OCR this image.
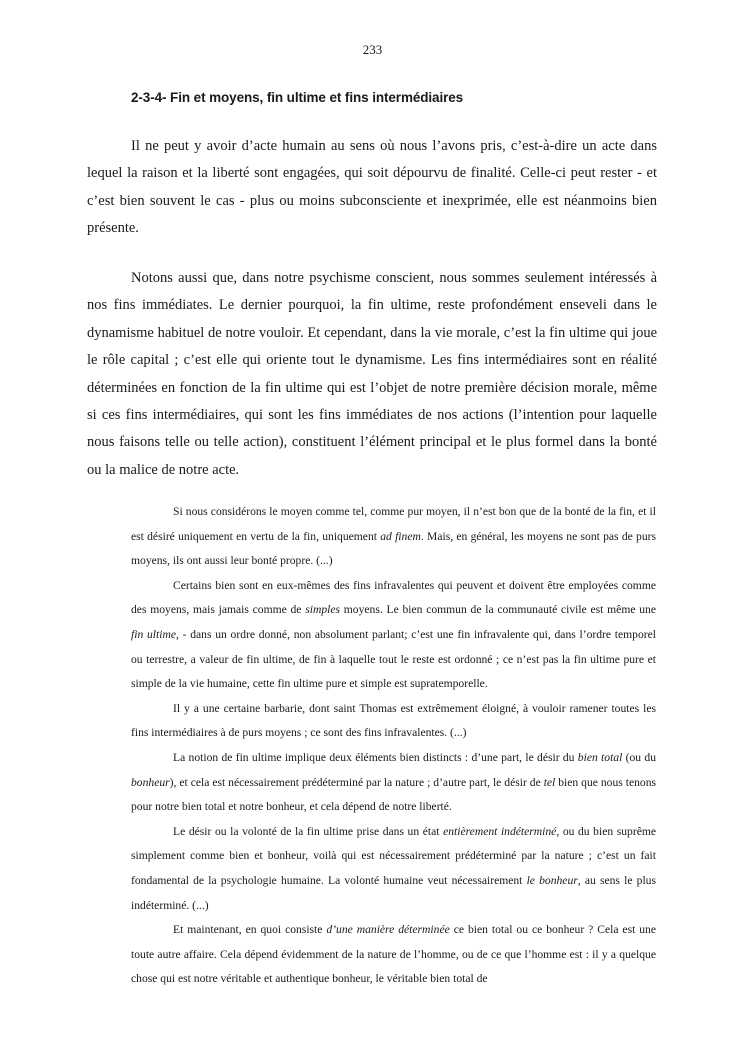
233
2-3-4- Fin et moyens, fin ultime et fins intermédiaires

Il ne peut y avoir d’acte humain au sens où nous l’avons pris, c’est-à-dire un acte dans lequel la raison et la liberté sont engagées, qui soit dépourvu de finalité. Celle-ci peut rester - et c’est bien souvent le cas - plus ou moins subconsciente et inexprimée, elle est néanmoins bien présente.

Notons aussi que, dans notre psychisme conscient, nous sommes seulement intéressés à nos fins immédiates. Le dernier pourquoi, la fin ultime, reste profondément enseveli dans le dynamisme habituel de notre vouloir. Et cependant, dans la vie morale, c’est la fin ultime qui joue le rôle capital ; c’est elle qui oriente tout le dynamisme. Les fins intermédiaires sont en réalité déterminées en fonction de la fin ultime qui est l’objet de notre première décision morale, même si ces fins intermédiaires, qui sont les fins immédiates de nos actions (l’intention pour laquelle nous faisons telle ou telle action), constituent l’élément principal et le plus formel dans la bonté ou la malice de notre acte.

Si nous considérons le moyen comme tel, comme pur moyen, il n’est bon que de la bonté de la fin, et il est désiré uniquement en vertu de la fin, uniquement ad finem. Mais, en général, les moyens ne sont pas de purs moyens, ils ont aussi leur bonté propre. (...)

Certains bien sont en eux-mêmes des fins infravalentes qui peuvent et doivent être employées comme des moyens, mais jamais comme de simples moyens. Le bien commun de la communauté civile est même une fin ultime, - dans un ordre donné, non absolument parlant; c’est une fin infravalente qui, dans l’ordre temporel ou terrestre, a valeur de fin ultime, de fin à laquelle tout le reste est ordonné ; ce n’est pas la fin ultime pure et simple de la vie humaine, cette fin ultime pure et simple est supratemporelle.

Il y a une certaine barbarie, dont saint Thomas est extrêmement éloigné, à vouloir ramener toutes les fins intermédiaires à de purs moyens ; ce sont des fins infravalentes. (...)

La notion de fin ultime implique deux éléments bien distincts : d’une part, le désir du bien total (ou du bonheur), et cela est nécessairement prédéterminé par la nature ; d’autre part, le désir de tel bien que nous tenons pour notre bien total et notre bonheur, et cela dépend de notre liberté.

Le désir ou la volonté de la fin ultime prise dans un état entièrement indéterminé, ou du bien suprême simplement comme bien et bonheur, voilà qui est nécessairement prédéterminé par la nature ; c’est un fait fondamental de la psychologie humaine. La volonté humaine veut nécessairement le bonheur, au sens le plus indéterminé. (...)

Et maintenant, en quoi consiste d’une manière déterminée ce bien total ou ce bonheur ? Cela est une toute autre affaire. Cela dépend évidemment de la nature de l’homme, ou de ce que l’homme est : il y a quelque chose qui est notre véritable et authentique bonheur, le véritable bien total de
